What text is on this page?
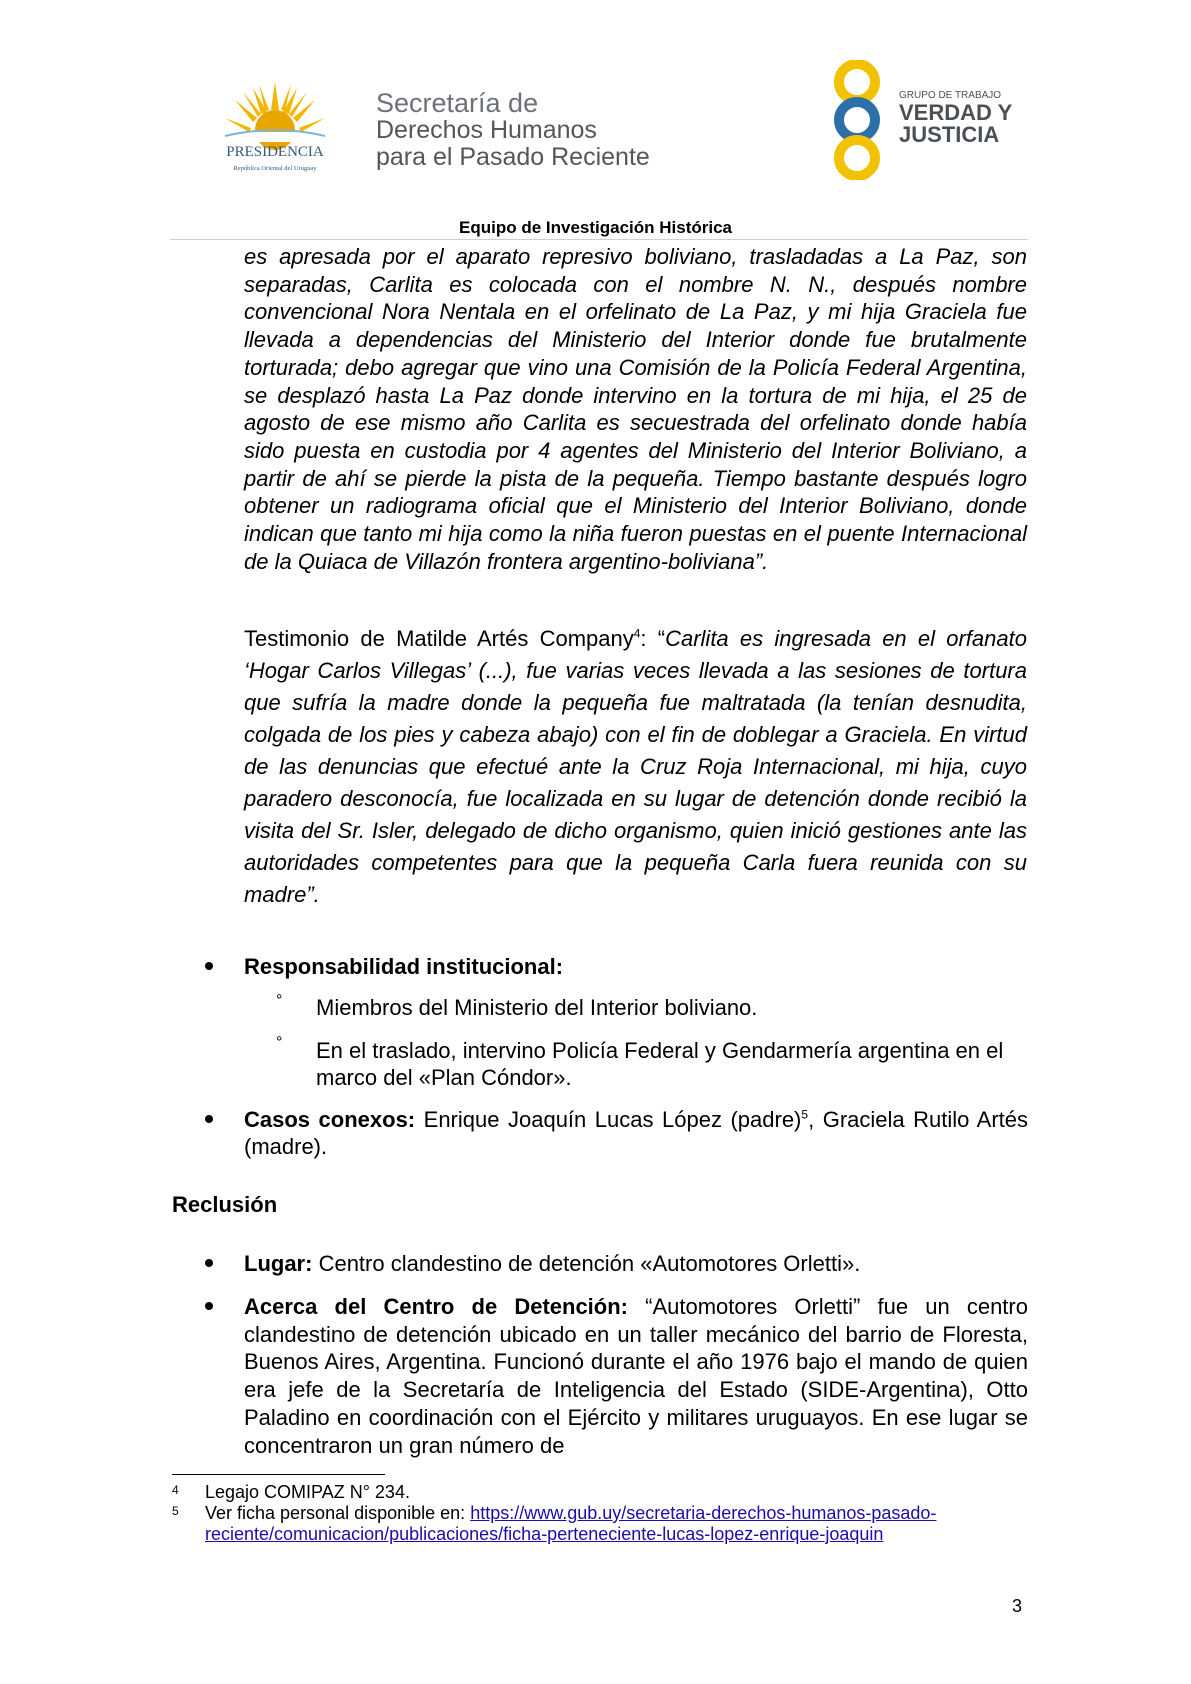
PRESIDENCIA
República Oriental del Uruguay
Secretaría de
Derechos Humanos
para el Pasado Reciente
GRUPO DE TRABAJO
VERDAD Y
JUSTICIA
Equipo de Investigación Histórica
es apresada por el aparato represivo boliviano, trasladadas a La Paz, son separadas, Carlita es colocada con el nombre N. N., después nombre convencional Nora Nentala en el orfelinato de La Paz, y mi hija Graciela fue llevada a dependencias del Ministerio del Interior donde fue brutalmente torturada; debo agregar que vino una Comisión de la Policía Federal Argentina, se desplazó hasta La Paz donde intervino en la tortura de mi hija, el 25 de agosto de ese mismo año Carlita es secuestrada del orfelinato donde había sido puesta en custodia por 4 agentes del Ministerio del Interior Boliviano, a partir de ahí se pierde la pista de la pequeña. Tiempo bastante después logro obtener un radiograma oficial que el Ministerio del Interior Boliviano, donde indican que tanto mi hija como la niña fueron puestas en el puente Internacional de la Quiaca de Villazón frontera argentino-boliviana”.
Testimonio de Matilde Artés Company$^4$: “Carlita es ingresada en el orfanato ‘Hogar Carlos Villegas’ (...), fue varias veces llevada a las sesiones de tortura que sufría la madre donde la pequeña fue maltratada (la tenían desnudita, colgada de los pies y cabeza abajo) con el fin de doblegar a Graciela. En virtud de las denuncias que efectué ante la Cruz Roja Internacional, mi hija, cuyo paradero desconocía, fue localizada en su lugar de detención donde recibió la visita del Sr. Isler, delegado de dicho organismo, quien inició gestiones ante las autoridades competentes para que la pequeña Carla fuera reunida con su madre”.
Responsabilidad institucional:
° Miembros del Ministerio del Interior boliviano.
° En el traslado, intervino Policía Federal y Gendarmería argentina en el marco del «Plan Cóndor».
Casos conexos: Enrique Joaquín Lucas López (padre)$^5$, Graciela Rutilo Artés (madre).
Reclusión
Lugar: Centro clandestino de detención «Automotores Orletti».
Acerca del Centro de Detención: “Automotores Orletti” fue un centro clandestino de detención ubicado en un taller mecánico del barrio de Floresta, Buenos Aires, Argentina. Funcionó durante el año 1976 bajo el mando de quien era jefe de la Secretaría de Inteligencia del Estado (SIDE-Argentina), Otto Paladino en coordinación con el Ejército y militares uruguayos. En ese lugar se concentraron un gran número de
4 Legajo COMIPAZ N° 234.
5 Ver ficha personal disponible en: https://www.gub.uy/secretaria-derechos-humanos-pasado-
reciente/comunicacion/publicaciones/ficha-perteneciente-lucas-lopez-enrique-joaquin
3
